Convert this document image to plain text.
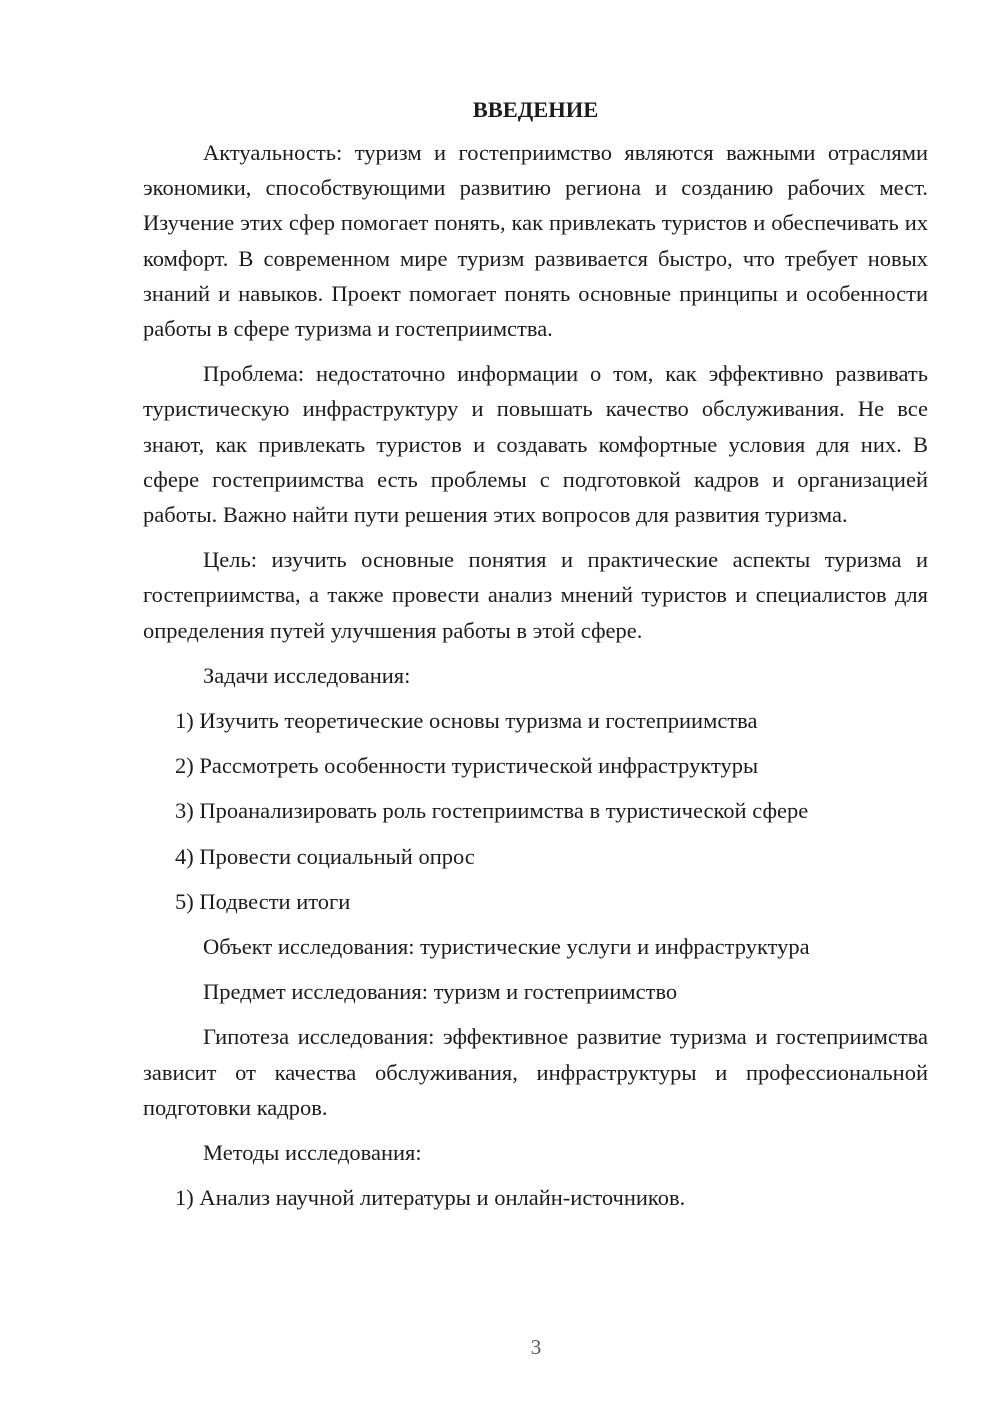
ВВЕДЕНИЕ

Актуальность: туризм и гостеприимство являются важными отраслями экономики, способствующими развитию региона и созданию рабочих мест. Изучение этих сфер помогает понять, как привлекать туристов и обеспечивать их комфорт. В современном мире туризм развивается быстро, что требует новых знаний и навыков. Проект помогает понять основные принципы и особенности работы в сфере туризма и гостеприимства.

Проблема: недостаточно информации о том, как эффективно развивать туристическую инфраструктуру и повышать качество обслуживания. Не все знают, как привлекать туристов и создавать комфортные условия для них. В сфере гостеприимства есть проблемы с подготовкой кадров и организацией работы. Важно найти пути решения этих вопросов для развития туризма.

Цель: изучить основные понятия и практические аспекты туризма и гостеприимства, а также провести анализ мнений туристов и специалистов для определения путей улучшения работы в этой сфере.

Задачи исследования:
1) Изучить теоретические основы туризма и гостеприимства
2) Рассмотреть особенности туристической инфраструктуры
3) Проанализировать роль гостеприимства в туристической сфере
4) Провести социальный опрос
5) Подвести итоги
Объект исследования: туристические услуги и инфраструктура
Предмет исследования: туризм и гостеприимство

Гипотеза исследования: эффективное развитие туризма и гостеприимства зависит от качества обслуживания, инфраструктуры и профессиональной подготовки кадров.

Методы исследования:
1) Анализ научной литературы и онлайн-источников.
3
